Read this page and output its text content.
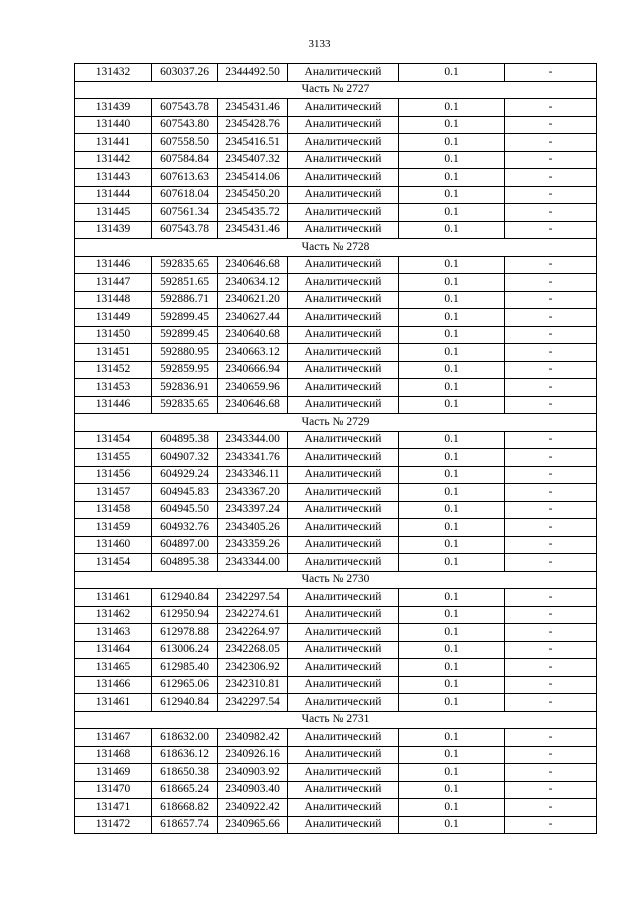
3133
131432	603037.26	2344492.50	Аналитический	0.1	-
Часть № 2727					
131439	607543.78	2345431.46	Аналитический	0.1	-
131440	607543.80	2345428.76	Аналитический	0.1	-
131441	607558.50	2345416.51	Аналитический	0.1	-
131442	607584.84	2345407.32	Аналитический	0.1	-
131443	607613.63	2345414.06	Аналитический	0.1	-
131444	607618.04	2345450.20	Аналитический	0.1	-
131445	607561.34	2345435.72	Аналитический	0.1	-
131439	607543.78	2345431.46	Аналитический	0.1	-
Часть № 2728					
131446	592835.65	2340646.68	Аналитический	0.1	-
131447	592851.65	2340634.12	Аналитический	0.1	-
131448	592886.71	2340621.20	Аналитический	0.1	-
131449	592899.45	2340627.44	Аналитический	0.1	-
131450	592899.45	2340640.68	Аналитический	0.1	-
131451	592880.95	2340663.12	Аналитический	0.1	-
131452	592859.95	2340666.94	Аналитический	0.1	-
131453	592836.91	2340659.96	Аналитический	0.1	-
131446	592835.65	2340646.68	Аналитический	0.1	-
Часть № 2729					
131454	604895.38	2343344.00	Аналитический	0.1	-
131455	604907.32	2343341.76	Аналитический	0.1	-
131456	604929.24	2343346.11	Аналитический	0.1	-
131457	604945.83	2343367.20	Аналитический	0.1	-
131458	604945.50	2343397.24	Аналитический	0.1	-
131459	604932.76	2343405.26	Аналитический	0.1	-
131460	604897.00	2343359.26	Аналитический	0.1	-
131454	604895.38	2343344.00	Аналитический	0.1	-
Часть № 2730					
131461	612940.84	2342297.54	Аналитический	0.1	-
131462	612950.94	2342274.61	Аналитический	0.1	-
131463	612978.88	2342264.97	Аналитический	0.1	-
131464	613006.24	2342268.05	Аналитический	0.1	-
131465	612985.40	2342306.92	Аналитический	0.1	-
131466	612965.06	2342310.81	Аналитический	0.1	-
131461	612940.84	2342297.54	Аналитический	0.1	-
Часть № 2731					
131467	618632.00	2340982.42	Аналитический	0.1	-
131468	618636.12	2340926.16	Аналитический	0.1	-
131469	618650.38	2340903.92	Аналитический	0.1	-
131470	618665.24	2340903.40	Аналитический	0.1	-
131471	618668.82	2340922.42	Аналитический	0.1	-
131472	618657.74	2340965.66	Аналитический	0.1	-
